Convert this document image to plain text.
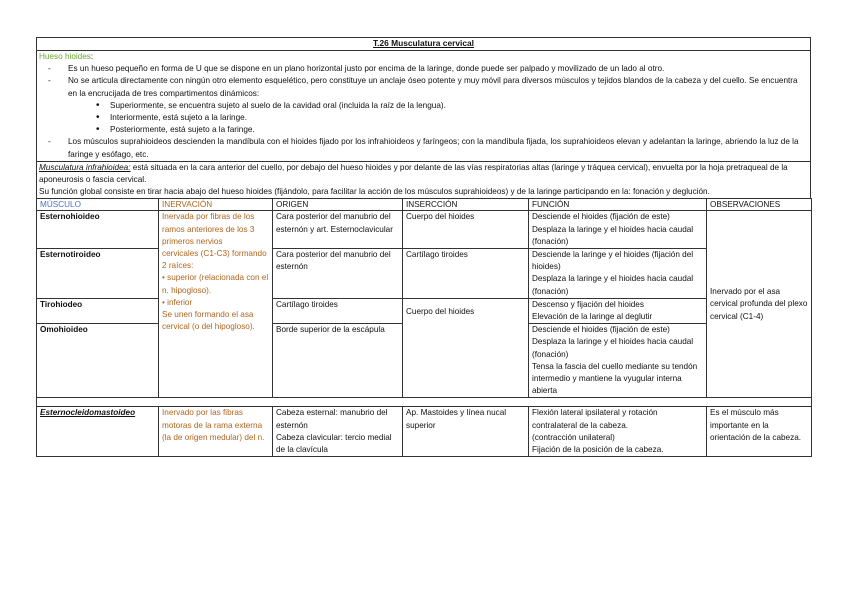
T.26 Musculatura cervical
Hueso hioides:
- Es un hueso pequeño en forma de U que se dispone en un plano horizontal justo por encima de la laringe, donde puede ser palpado y movilizado de un lado al otro.
- No se articula directamente con ningún otro elemento esquelético, pero constituye un anclaje óseo potente y muy móvil para diversos músculos y tejidos blandos de la cabeza y del cuello. Se encuentra en la encrucijada de tres compartimentos dinámicos:
• Superiormente, se encuentra sujeto al suelo de la cavidad oral (incluida la raíz de la lengua).
• Interiormente, está sujeto a la laringe.
• Posteriormente, está sujeto a la faringe.
- Los músculos suprahioideos descienden la mandíbula con el hioides fijado por los infrahioideos y faríngeos; con la mandíbula fijada, los suprahioideos elevan y adelantan la laringe, abriendo la luz de la faringe y esófago, etc.
Musculatura infrahioidea: está situada en la cara anterior del cuello, por debajo del hueso hioides y por delante de las vías respiratorias altas (laringe y tráquea cervical), envuelta por la hoja pretraqueal de la aponeurosis o fascia cervical.
Su función global consiste en tirar hacia abajo del hueso hioides (fijándolo, para facilitar la acción de los músculos suprahioideos) y de la laringe participando en la: fonación y deglución.
MÚSCULO	INERVACIÓN	ORIGEN	INSERCCIÓN	FUNCIÓN	OBSERVACIONES
Esternohioideo	Inervada por fibras de los ramos anteriores de los 3 primeros nervios
cervicales (C1-C3) formando 2 raíces:
• superior (relacionada con el n. hipogloso).
• inferior
Se unen formando el asa cervical (o del hipogloso).	Cara posterior del manubrio del esternón y art. Esternoclavicular	Cuerpo del hioides	Desciende el hioides (fijación de este)
Desplaza la laringe y el hioides hacia caudal (fonación)	Inervado por el asa cervical profunda del plexo cervical (C1-4)
Esternotiroideo		Cara posterior del manubrio del esternón	Cartílago tiroides	Desciende la laringe y el hioides (fijación del hioides)
Desplaza la laringe y el hioides hacia caudal (fonación)	

Tirohiodeo		Cartílago tiroides	Cuerpo del hioides	Descenso y fijación del hioides
Elevación de la laringe al deglutir	

Omohioideo		Borde superior de la escápula		Desciende el hioides (fijación de este)
Desplaza la laringe y el hioides hacia caudal (fonación)
Tensa la fascia del cuello mediante su tendón intermedio y mantiene la vyugular interna abierta	

Esternocleidomastoideo	Inervado por las fibras motoras de la rama externa (la de origen medular) del n.	Cabeza esternal: manubrio del esternón
Cabeza clavicular: tercio medial de la clavícula	Ap. Mastoides y línea nucal superior	Flexión lateral ipsilateral y rotación contralateral de la cabeza.
(contracción unilateral)
Fijación de la posición de la cabeza.	Es el músculo más importante en la orientación de la cabeza.
